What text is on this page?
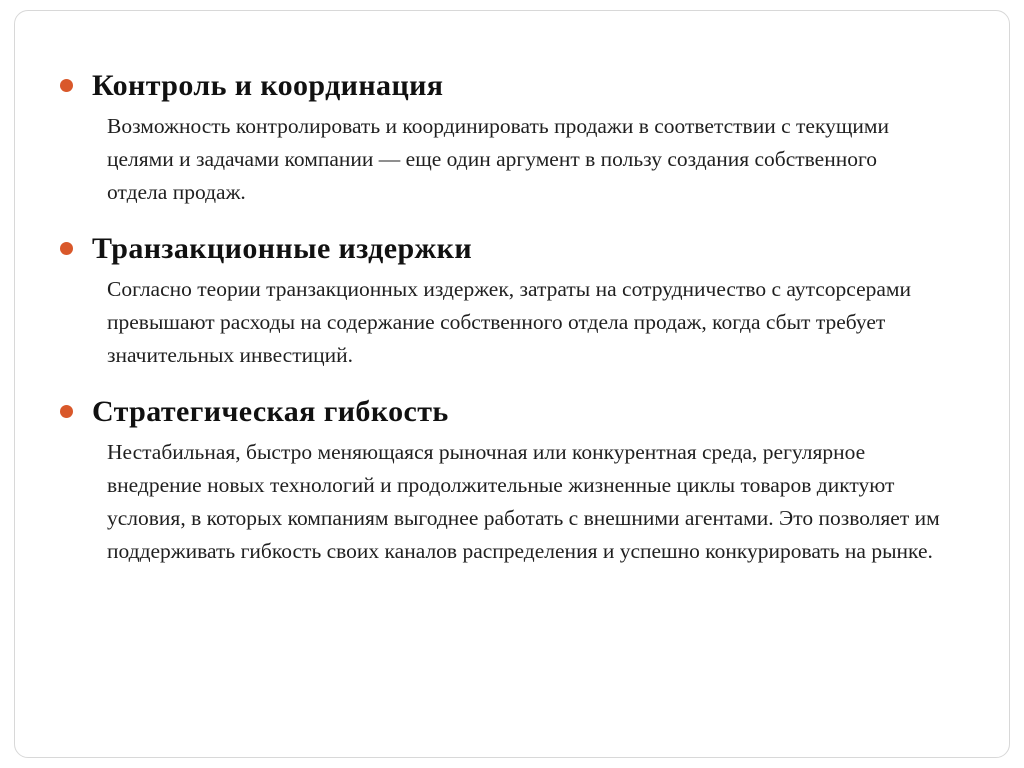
Контроль и координация
Возможность контролировать и координировать продажи в соответствии с текущими целями и задачами компании — еще один аргумент в пользу создания собственного отдела продаж.
Транзакционные издержки
Согласно теории транзакционных издержек, затраты на сотрудничество с аутсорсерами превышают расходы на содержание собственного отдела продаж, когда сбыт требует значительных инвестиций.
Стратегическая гибкость
Нестабильная, быстро меняющаяся рыночная или конкурентная среда, регулярное внедрение новых технологий и продолжительные жизненные циклы товаров диктуют условия, в которых компаниям выгоднее работать с внешними агентами. Это позволяет им поддерживать гибкость своих каналов распределения и успешно конкурировать на рынке.
